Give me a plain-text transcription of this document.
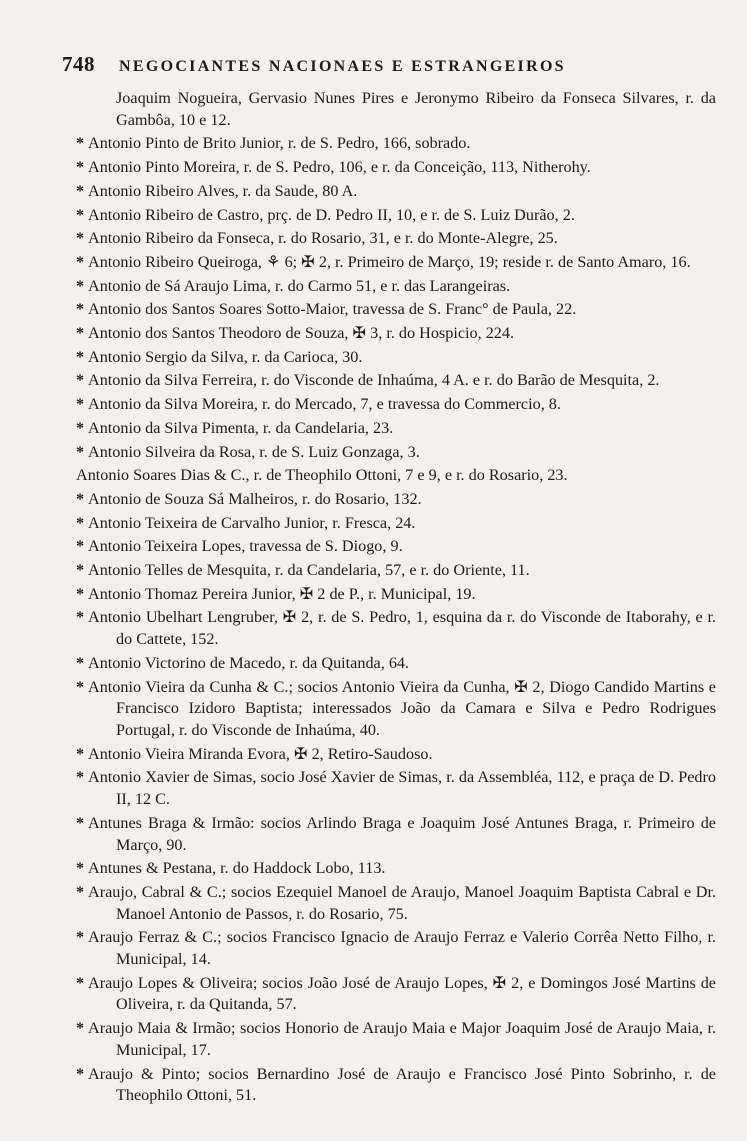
748 NEGOCIANTES NACIONAES E ESTRANGEIROS
Joaquim Nogueira, Gervasio Nunes Pires e Jeronymo Ribeiro da Fonseca Silvares, r. da Gambôa, 10 e 12.
* Antonio Pinto de Brito Junior, r. de S. Pedro, 166, sobrado.
* Antonio Pinto Moreira, r. de S. Pedro, 106, e r. da Conceição, 113, Nitherohy.
* Antonio Ribeiro Alves, r. da Saude, 80 A.
* Antonio Ribeiro de Castro, prç. de D. Pedro II, 10, e r. de S. Luiz Durão, 2.
* Antonio Ribeiro da Fonseca, r. do Rosario, 31, e r. do Monte-Alegre, 25.
* Antonio Ribeiro Queiroga, ⚘ 6; ✠ 2, r. Primeiro de Março, 19; reside r. de Santo Amaro, 16.
* Antonio de Sá Araujo Lima, r. do Carmo 51, e r. das Larangeiras.
* Antonio dos Santos Soares Sotto-Maior, travessa de S. Franc° de Paula, 22.
* Antonio dos Santos Theodoro de Souza, ✠ 3, r. do Hospicio, 224.
* Antonio Sergio da Silva, r. da Carioca, 30.
* Antonio da Silva Ferreira, r. do Visconde de Inhaúma, 4 A. e r. do Barão de Mesquita, 2.
* Antonio da Silva Moreira, r. do Mercado, 7, e travessa do Commercio, 8.
* Antonio da Silva Pimenta, r. da Candelaria, 23.
* Antonio Silveira da Rosa, r. de S. Luiz Gonzaga, 3.
Antonio Soares Dias & C., r. de Theophilo Ottoni, 7 e 9, e r. do Rosario, 23.
* Antonio de Souza Sá Malheiros, r. do Rosario, 132.
* Antonio Teixeira de Carvalho Junior, r. Fresca, 24.
* Antonio Teixeira Lopes, travessa de S. Diogo, 9.
* Antonio Telles de Mesquita, r. da Candelaria, 57, e r. do Oriente, 11.
* Antonio Thomaz Pereira Junior, ✠ 2 de P., r. Municipal, 19.
* Antonio Ubelhart Lengruber, ✠ 2, r. de S. Pedro, 1, esquina da r. do Visconde de Itaborahy, e r. do Cattete, 152.
* Antonio Victorino de Macedo, r. da Quitanda, 64.
* Antonio Vieira da Cunha & C.; socios Antonio Vieira da Cunha, ✠ 2, Diogo Candido Martins e Francisco Izidoro Baptista; interessados João da Camara e Silva e Pedro Rodrigues Portugal, r. do Visconde de Inhaúma, 40.
* Antonio Vieira Miranda Evora, ✠ 2, Retiro-Saudoso.
* Antonio Xavier de Simas, socio José Xavier de Simas, r. da Assembléa, 112, e praça de D. Pedro II, 12 C.
* Antunes Braga & Irmão: socios Arlindo Braga e Joaquim José Antunes Braga, r. Primeiro de Março, 90.
* Antunes & Pestana, r. do Haddock Lobo, 113.
* Araujo, Cabral & C.; socios Ezequiel Manoel de Araujo, Manoel Joaquim Baptista Cabral e Dr. Manoel Antonio de Passos, r. do Rosario, 75.
* Araujo Ferraz & C.; socios Francisco Ignacio de Araujo Ferraz e Valerio Corrêa Netto Filho, r. Municipal, 14.
* Araujo Lopes & Oliveira; socios João José de Araujo Lopes, ✠ 2, e Domingos José Martins de Oliveira, r. da Quitanda, 57.
* Araujo Maia & Irmão; socios Honorio de Araujo Maia e Major Joaquim José de Araujo Maia, r. Municipal, 17.
* Araujo & Pinto; socios Bernardino José de Araujo e Francisco José Pinto Sobrinho, r. de Theophilo Ottoni, 51.
